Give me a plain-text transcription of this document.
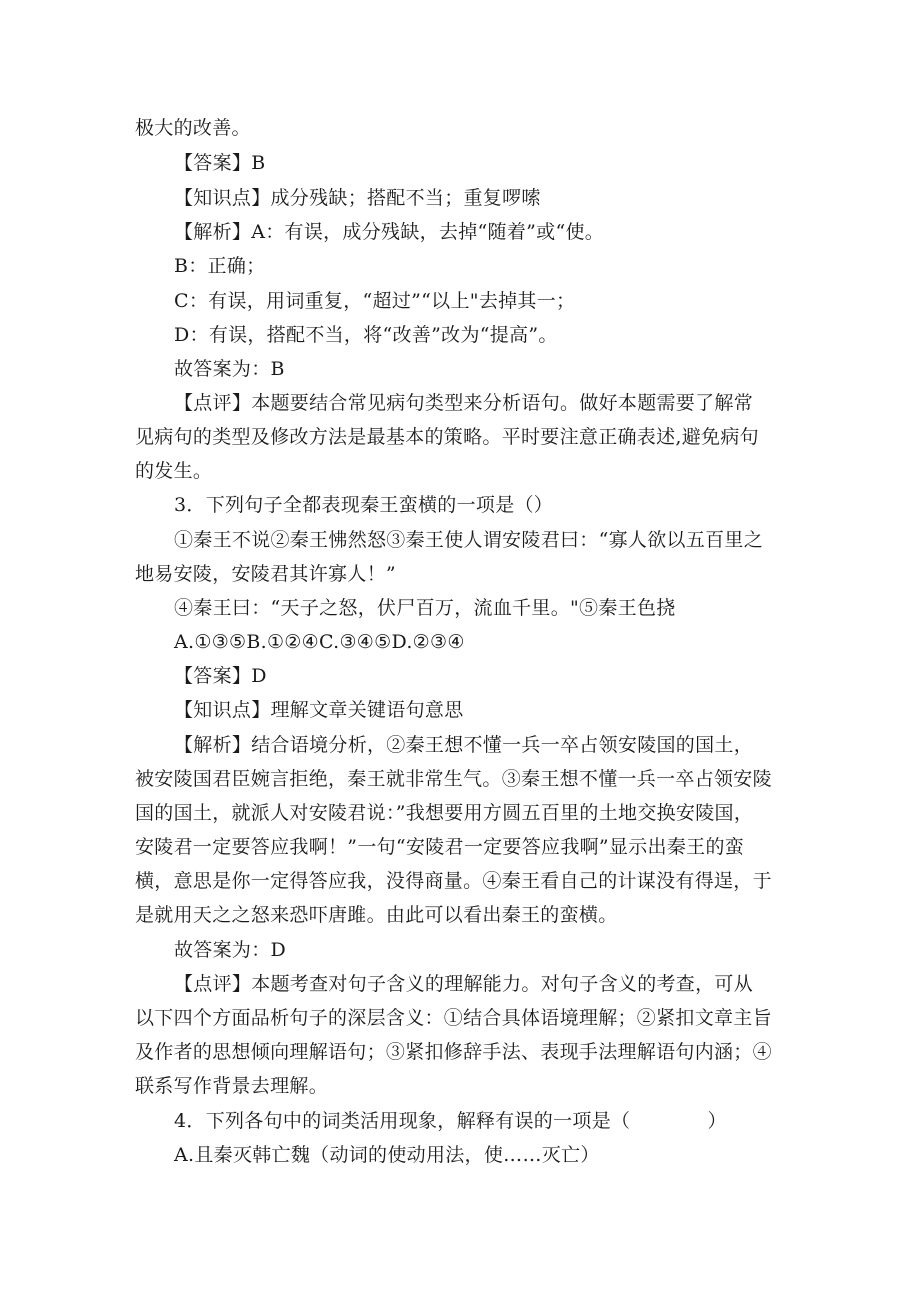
极大的改善。
【答案】B
【知识点】成分残缺；搭配不当；重复啰嗦
【解析】A：有误，成分残缺，去掉“随着”或“使。
B：正确；
C：有误，用词重复，“超过”“以上"去掉其一；
D：有误，搭配不当，将“改善”改为“提高”。
故答案为：B
【点评】本题要结合常见病句类型来分析语句。做好本题需要了解常
见病句的类型及修改方法是最基本的策略。平时要注意正确表述,避免病句
的发生。
3．下列句子全都表现秦王蛮横的一项是（）
①秦王不说②秦王怫然怒③秦王使人谓安陵君曰：“寡人欲以五百里之
地易安陵，安陵君其许寡人！”
④秦王曰：“天子之怒，伏尸百万，流血千里。"⑤秦王色挠
A.①③⑤B.①②④C.③④⑤D.②③④
【答案】D
【知识点】理解文章关键语句意思
【解析】结合语境分析，②秦王想不懂一兵一卒占领安陵国的国土，
被安陵国君臣婉言拒绝，秦王就非常生气。③秦王想不懂一兵一卒占领安陵
国的国土，就派人对安陵君说：”我想要用方圆五百里的土地交换安陵国，
安陵君一定要答应我啊！”一句“安陵君一定要答应我啊”显示出秦王的蛮
横，意思是你一定得答应我，没得商量。④秦王看自己的计谋没有得逞，于
是就用天之之怒来恐吓唐雎。由此可以看出秦王的蛮横。
故答案为：D
【点评】本题考查对句子含义的理解能力。对句子含义的考查，可从
以下四个方面品析句子的深层含义：①结合具体语境理解；②紧扣文章主旨
及作者的思想倾向理解语句；③紧扣修辞手法、表现手法理解语句内涵；④
联系写作背景去理解。
4．下列各句中的词类活用现象，解释有误的一项是（　　　　）
A.且秦灭韩亡魏（动词的使动用法，使……灭亡）
